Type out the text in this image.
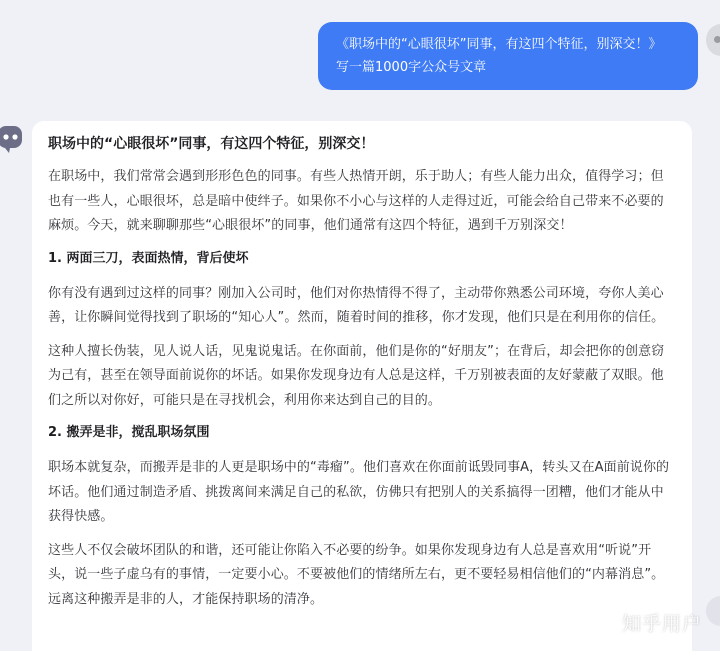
《职场中的“心眼很坏”同事，有这四个特征，别深交！》
写一篇1000字公众号文章
职场中的“心眼很坏”同事，有这四个特征，别深交！

在职场中，我们常常会遇到形形色色的同事。有些人热情开朗，乐于助人；有些人能力出众，值得学习；但也有一些人，心眼很坏，总是暗中使绊子。如果你不小心与这样的人走得过近，可能会给自己带来不必要的麻烦。今天，就来聊聊那些“心眼很坏”的同事，他们通常有这四个特征，遇到千万别深交！

1. 两面三刀，表面热情，背后使坏

你有没有遇到过这样的同事？刚加入公司时，他们对你热情得不得了，主动带你熟悉公司环境，夸你人美心善，让你瞬间觉得找到了职场的“知心人”。然而，随着时间的推移，你才发现，他们只是在利用你的信任。

这种人擅长伪装，见人说人话，见鬼说鬼话。在你面前，他们是你的“好朋友”；在背后，却会把你的创意窃为己有，甚至在领导面前说你的坏话。如果你发现身边有人总是这样，千万别被表面的友好蒙蔽了双眼。他们之所以对你好，可能只是在寻找机会，利用你来达到自己的目的。

2. 搬弄是非，搅乱职场氛围

职场本就复杂，而搬弄是非的人更是职场中的“毒瘤”。他们喜欢在你面前诋毁同事A，转头又在A面前说你的坏话。他们通过制造矛盾、挑拨离间来满足自己的私欲，仿佛只有把别人的关系搞得一团糟，他们才能从中获得快感。

这些人不仅会破坏团队的和谐，还可能让你陷入不必要的纷争。如果你发现身边有人总是喜欢用“听说”开头，说一些子虚乌有的事情，一定要小心。不要被他们的情绪所左右，更不要轻易相信他们的“内幕消息”。远离这种搬弄是非的人，才能保持职场的清净。

知乎用户
